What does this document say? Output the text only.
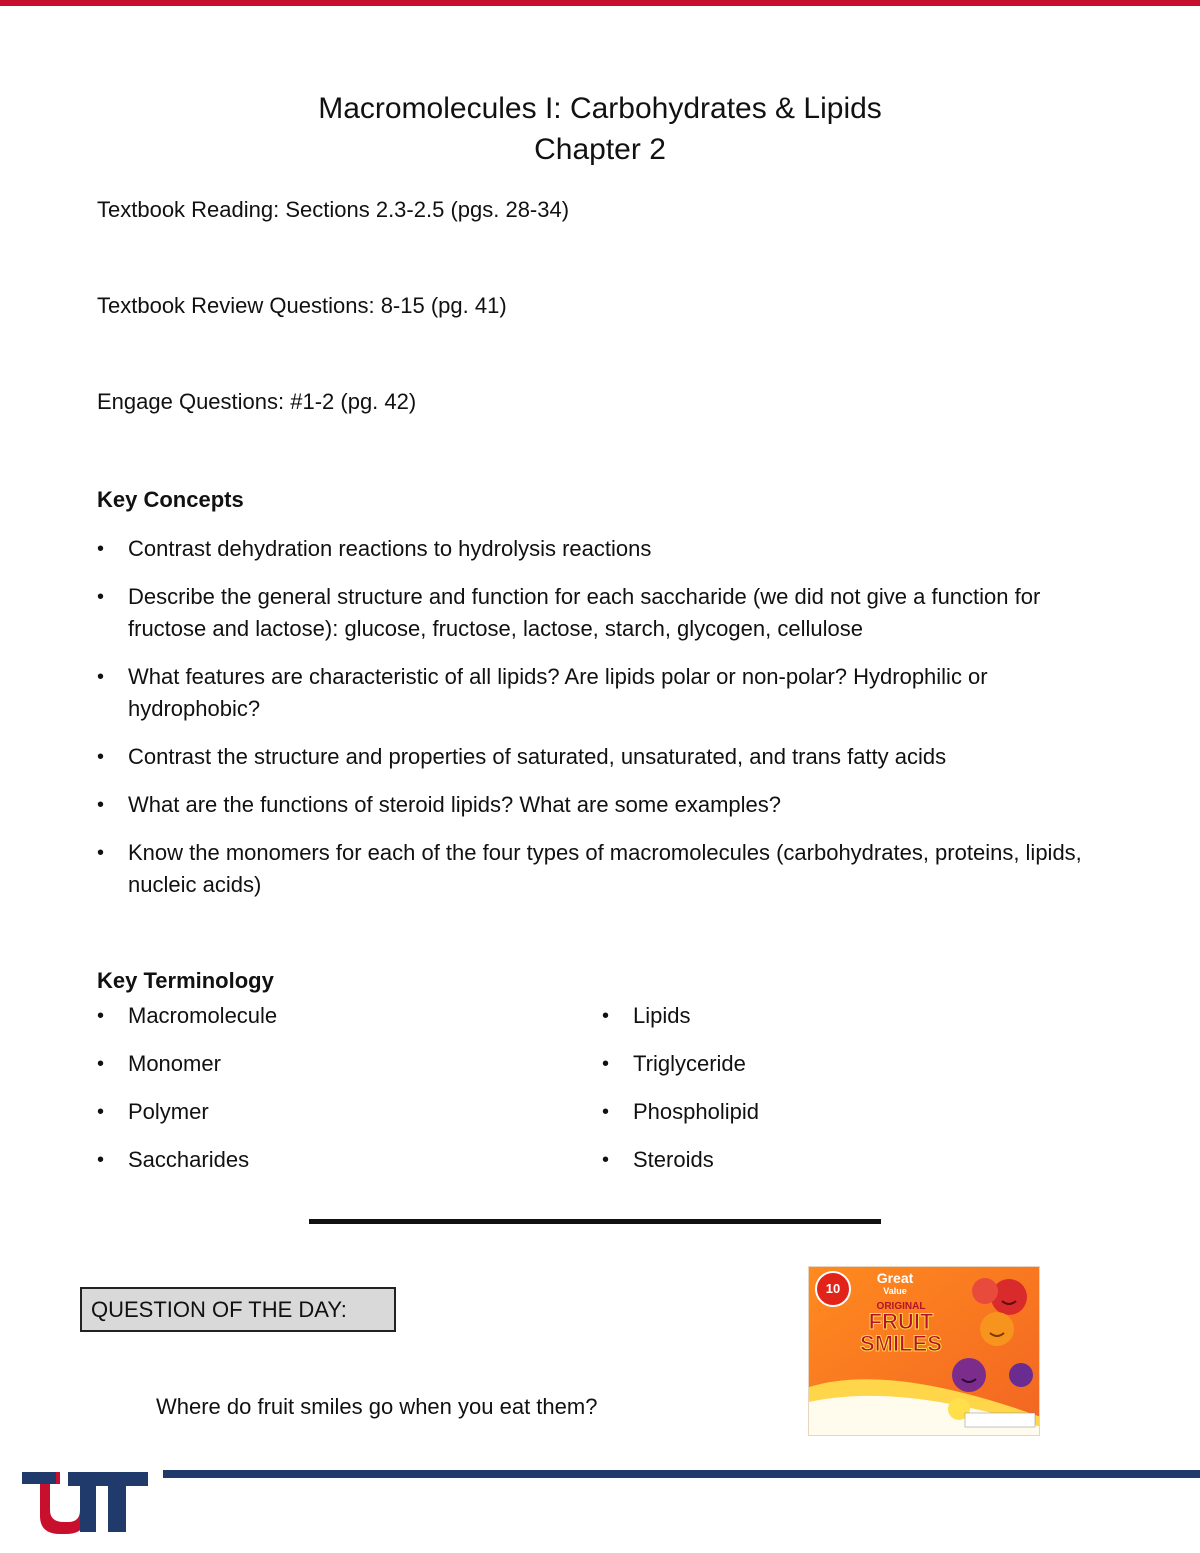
Macromolecules I: Carbohydrates & Lipids
Chapter 2
Textbook Reading: Sections 2.3-2.5 (pgs. 28-34)
Textbook Review Questions: 8-15 (pg. 41)
Engage Questions: #1-2 (pg. 42)
Key Concepts
• Contrast dehydration reactions to hydrolysis reactions
• Describe the general structure and function for each saccharide (we did not give a function for fructose and lactose): glucose, fructose, lactose, starch, glycogen, cellulose
• What features are characteristic of all lipids? Are lipids polar or non-polar? Hydrophilic or hydrophobic?
• Contrast the structure and properties of saturated, unsaturated, and trans fatty acids
• What are the functions of steroid lipids? What are some examples?
• Know the monomers for each of the four types of macromolecules (carbohydrates, proteins, lipids, nucleic acids)
Key Terminology
• Macromolecule
• Monomer
• Polymer
• Saccharides
• Lipids
• Triglyceride
• Phospholipid
• Steroids
QUESTION OF THE DAY:
Where do fruit smiles go when you eat them?
10
Great
Value
ORIGINAL
FRUIT
SMILES
